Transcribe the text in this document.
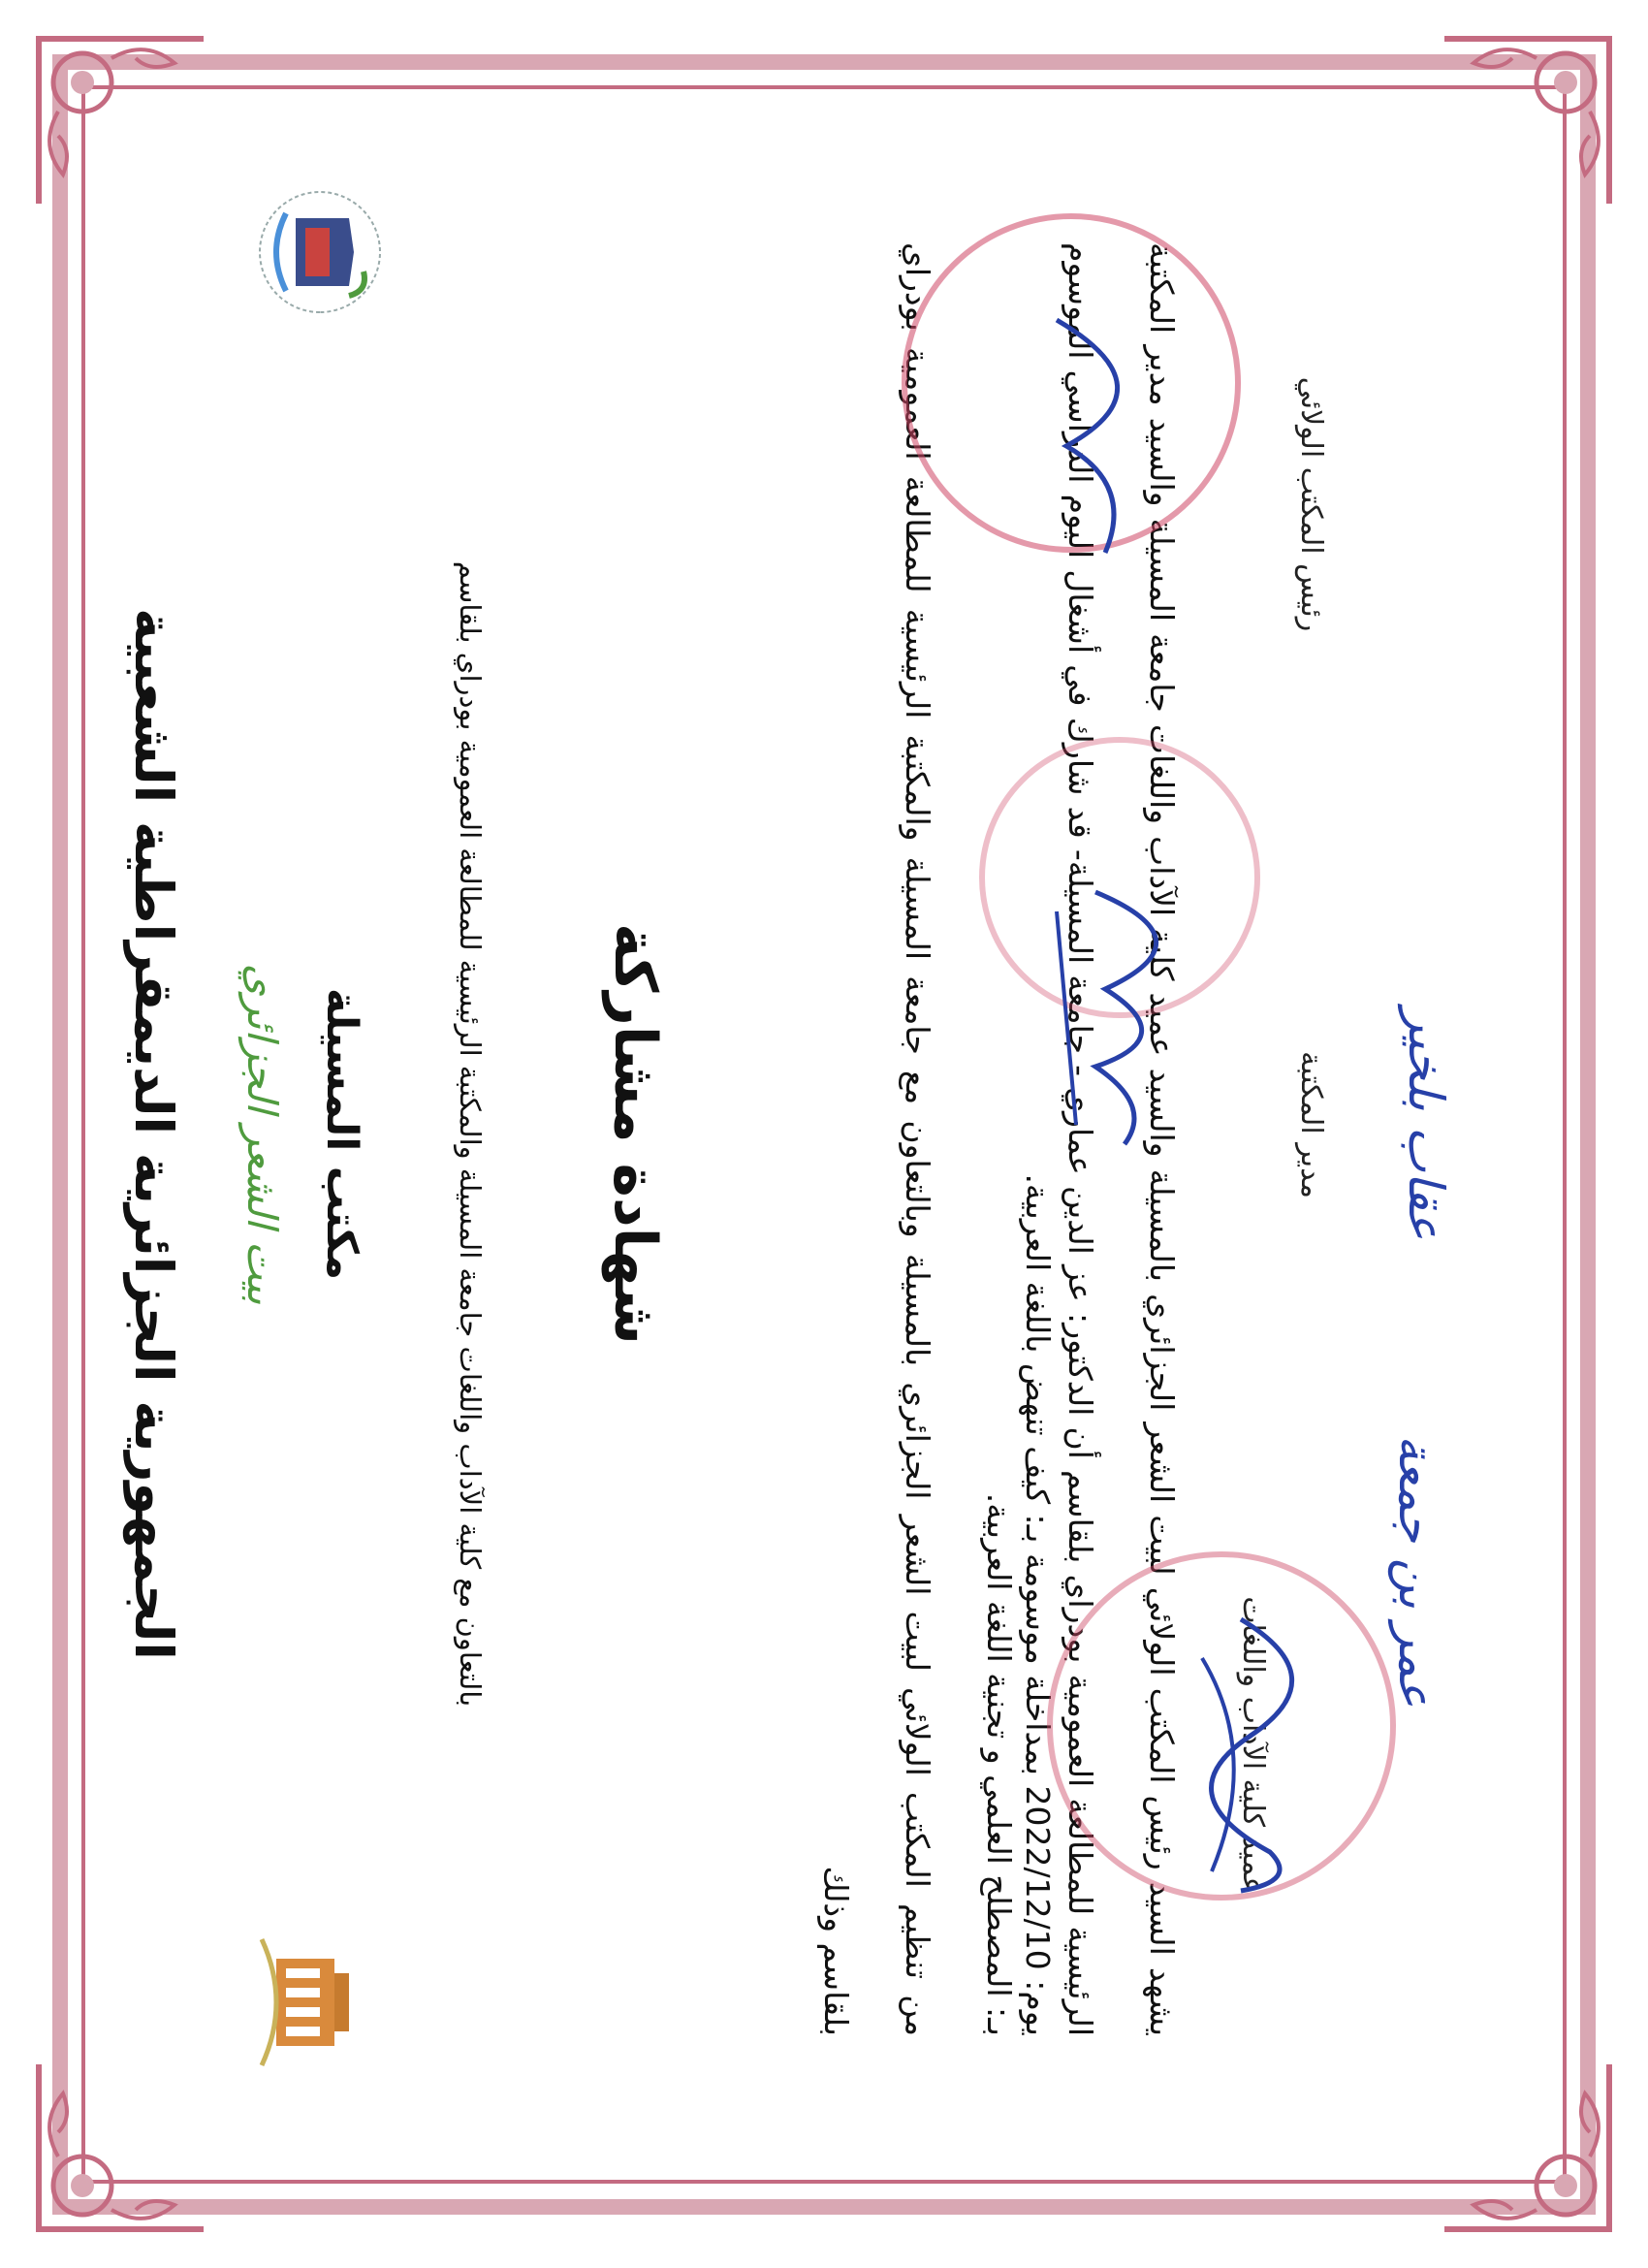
الجمهورية الجزائرية الديمقراطية الشعبية بيت الشعر الجزائري مكتب المسيلة	بالتعاون مع كلية الآداب واللغات جامعة المسيلة والمكتبة الرئيسية للمطالعة العمومية بودراي بلقاسم شهادة مشاركة	يشهد السيد رئيس المكتب الولائي لبيت الشعر الجزائري بالمسيلة والسيد عميد كلية الآداب واللغات جامعة المسيلة والسيد مدير المكتبة الرئيسية للمطالعة العمومية بودراي بلقاسم أن الدكتور: عز الدين عماري - جامعة المسيلة- قد شارك في أشغال اليوم الدراسي الموسوم بـ: المصطلح العلمي و تجنية اللغة العربية.

من تنظيم المكتب الولائي لبيت الشعر الجزائري بالمسيلة وبالتعاون مع جامعة المسيلة والمكتبة الرئيسية للمطالعة العمومية بودراي بلقاسم وذلك

يوم: 2022/12/10 بمداخلة موسومة بـ: كيف تنهض باللغة العربية.
عميد كلية الآداب واللغات
مدير المكتبة
رئيس المكتب الولائي
عمر بن جمعة
عقاب بلخير
